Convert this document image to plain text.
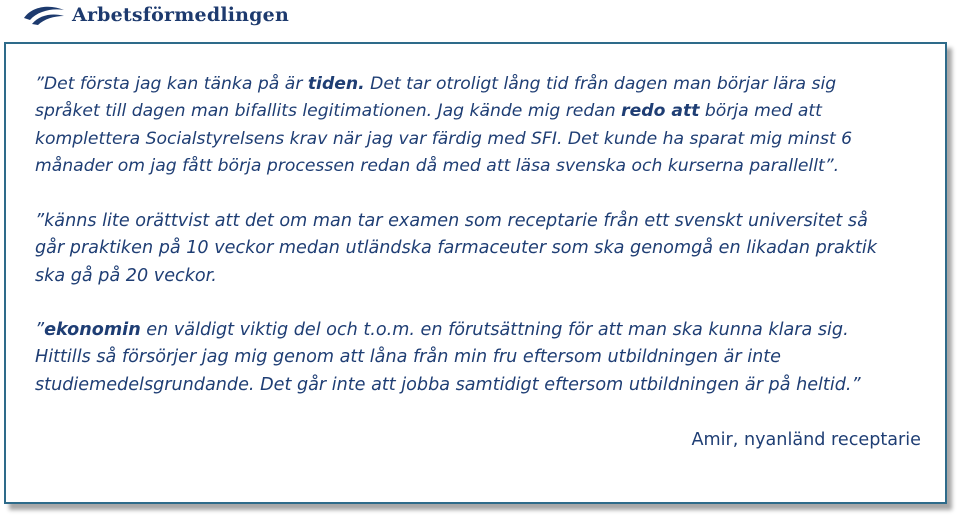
Arbetsförmedlingen

”Det första jag kan tänka på är tiden. Det tar otroligt lång tid från dagen man börjar lära sig
språket till dagen man bifallits legitimationen. Jag kände mig redan redo att börja med att
komplettera Socialstyrelsens krav när jag var färdig med SFI. Det kunde ha sparat mig minst 6
månader om jag fått börja processen redan då med att läsa svenska och kurserna parallellt”.

”känns lite orättvist att det om man tar examen som receptarie från ett svenskt universitet så
går praktiken på 10 veckor medan utländska farmaceuter som ska genomgå en likadan praktik
ska gå på 20 veckor.

”ekonomin en väldigt viktig del och t.o.m. en förutsättning för att man ska kunna klara sig.
Hittills så försörjer jag mig genom att låna från min fru eftersom utbildningen är inte
studiemedelsgrundande. Det går inte att jobba samtidigt eftersom utbildningen är på heltid.”

Amir, nyanländ receptarie
